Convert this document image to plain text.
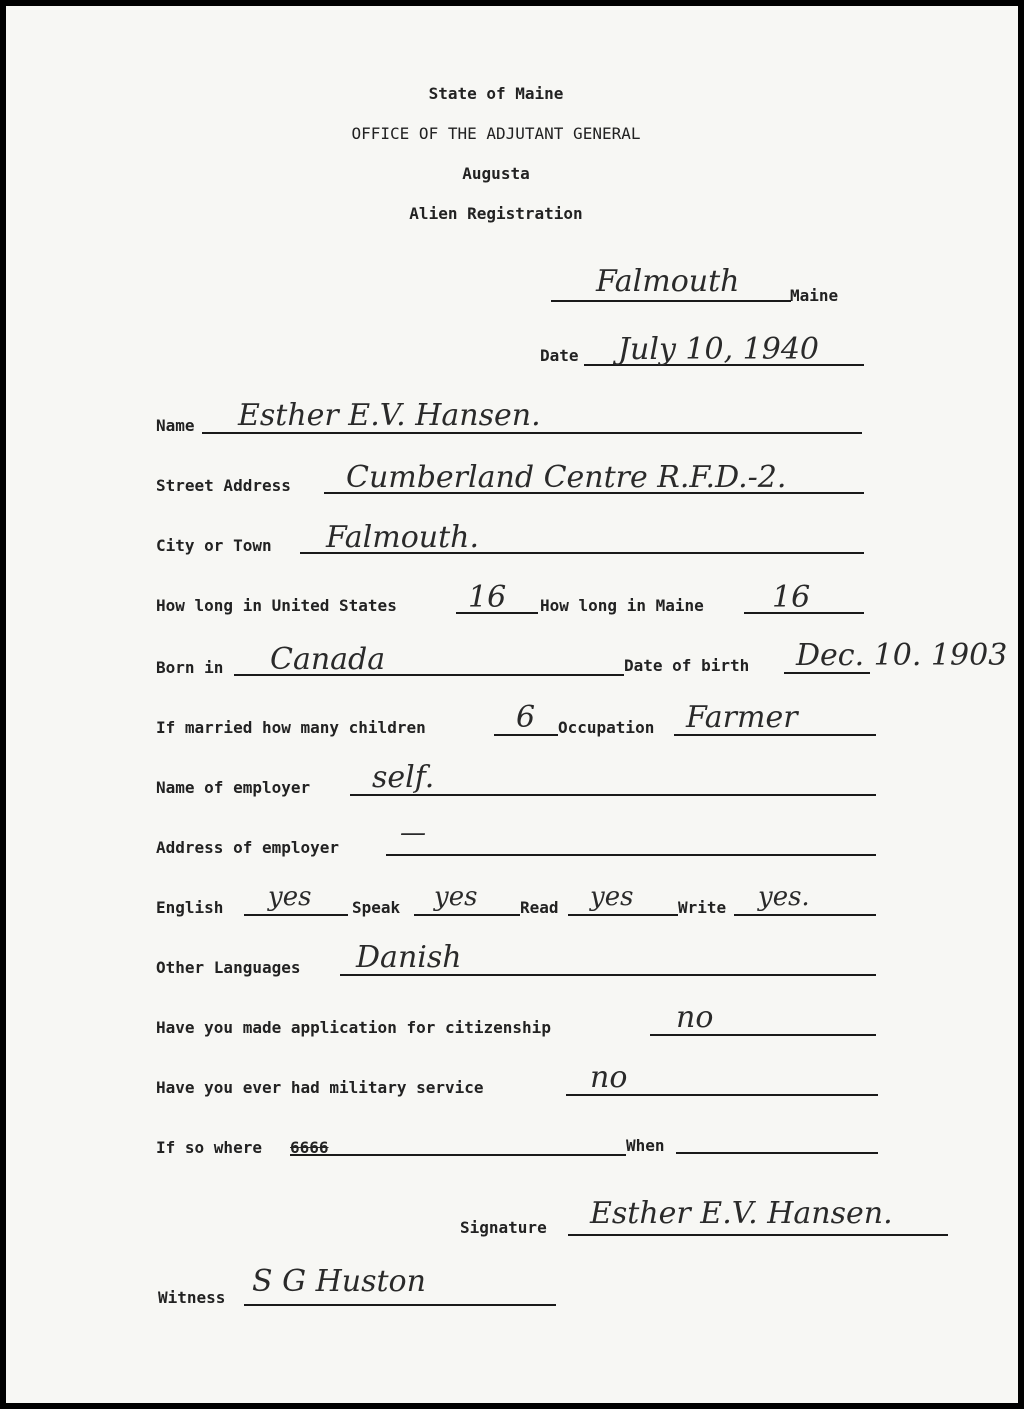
State of Maine
OFFICE OF THE ADJUTANT GENERAL
Augusta
Alien Registration
Falmouth	Maine
Date July 10, 1940
Name Esther E.V. Hansen.
Street Address Cumberland Centre R.F.D.-2.
City or Town Falmouth.
How long in United States 16 How long in Maine 16
Born in Canada	Date of birth Dec. 10. 1903
If married how many children	6 Occupation Farmer
Name of employer self.
Address of employer —
English yes	Speak yes	Read yes	Write yes.
Other Languages Danish
Have you made application for citizenship	no
Have you ever had military service	no
If so where 6666	When
Signature Esther E.V. Hansen.
Witness S G Huston
